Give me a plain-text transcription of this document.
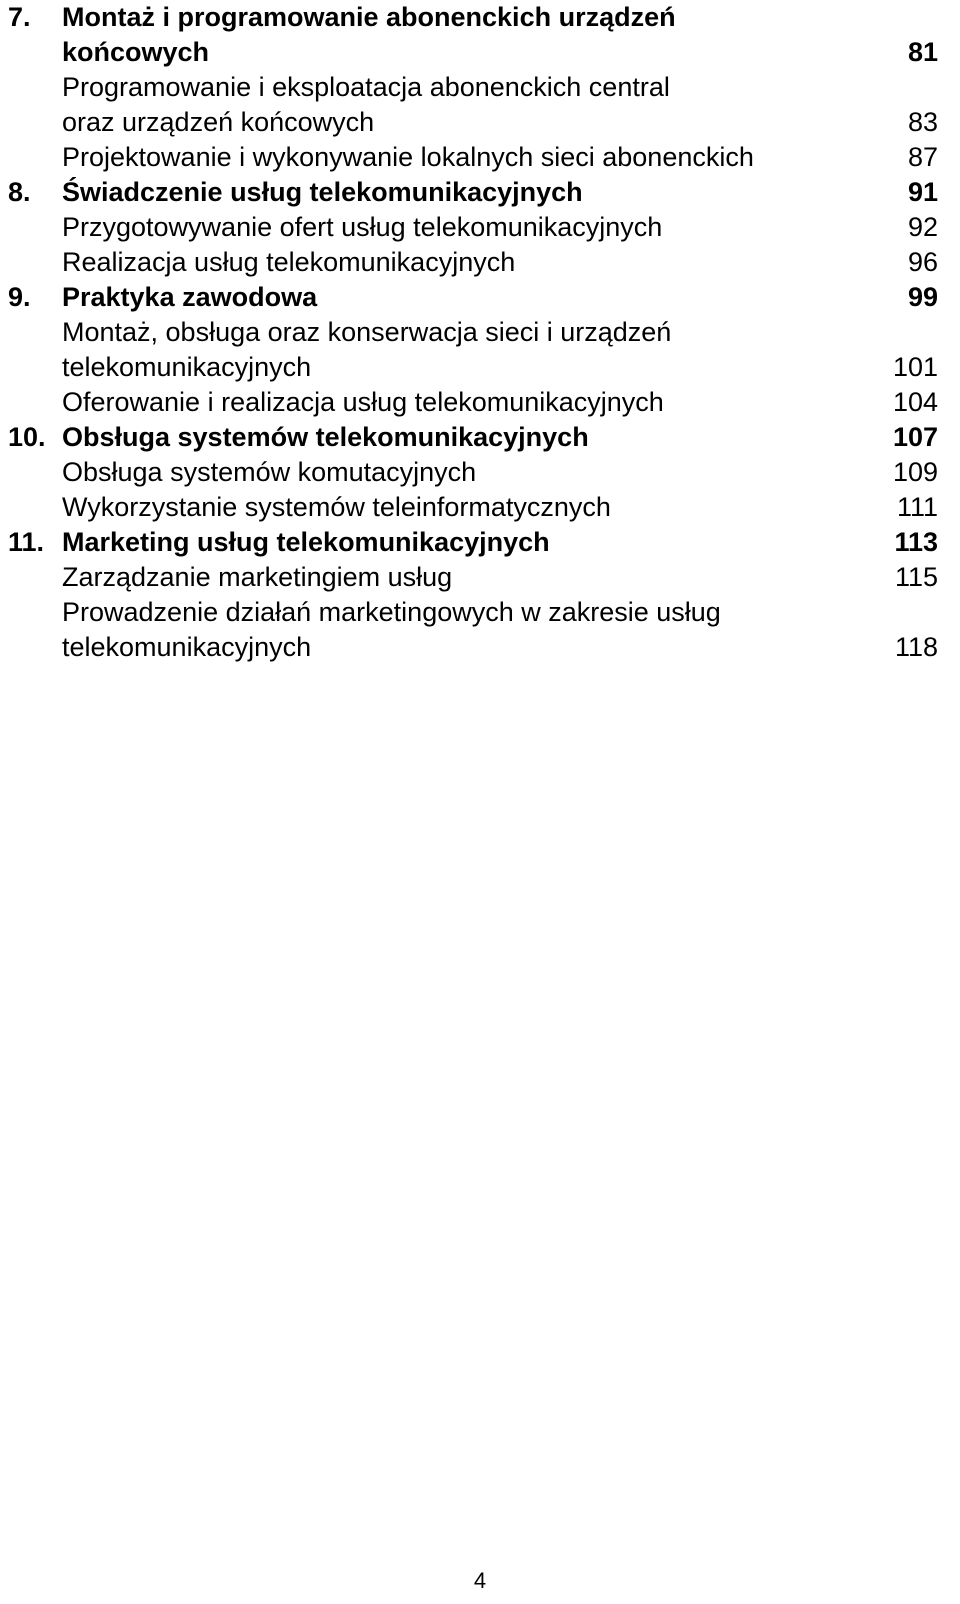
7. Montaż i programowanie abonenckich urządzeń
końcowych	81
Programowanie i eksploatacja abonenckich central
oraz urządzeń końcowych	83
Projektowanie i wykonywanie lokalnych sieci abonenckich	87
8. Świadczenie usług telekomunikacyjnych	91
Przygotowywanie ofert usług telekomunikacyjnych	92
Realizacja usług telekomunikacyjnych	96
9. Praktyka zawodowa	99
Montaż, obsługa oraz konserwacja sieci i urządzeń
telekomunikacyjnych	101
Oferowanie i realizacja usług telekomunikacyjnych	104
10. Obsługa systemów telekomunikacyjnych	107
Obsługa systemów komutacyjnych	109
Wykorzystanie systemów teleinformatycznych	111
11. Marketing usług telekomunikacyjnych	113
Zarządzanie marketingiem usług	115
Prowadzenie działań marketingowych w zakresie usług
telekomunikacyjnych	118
4
